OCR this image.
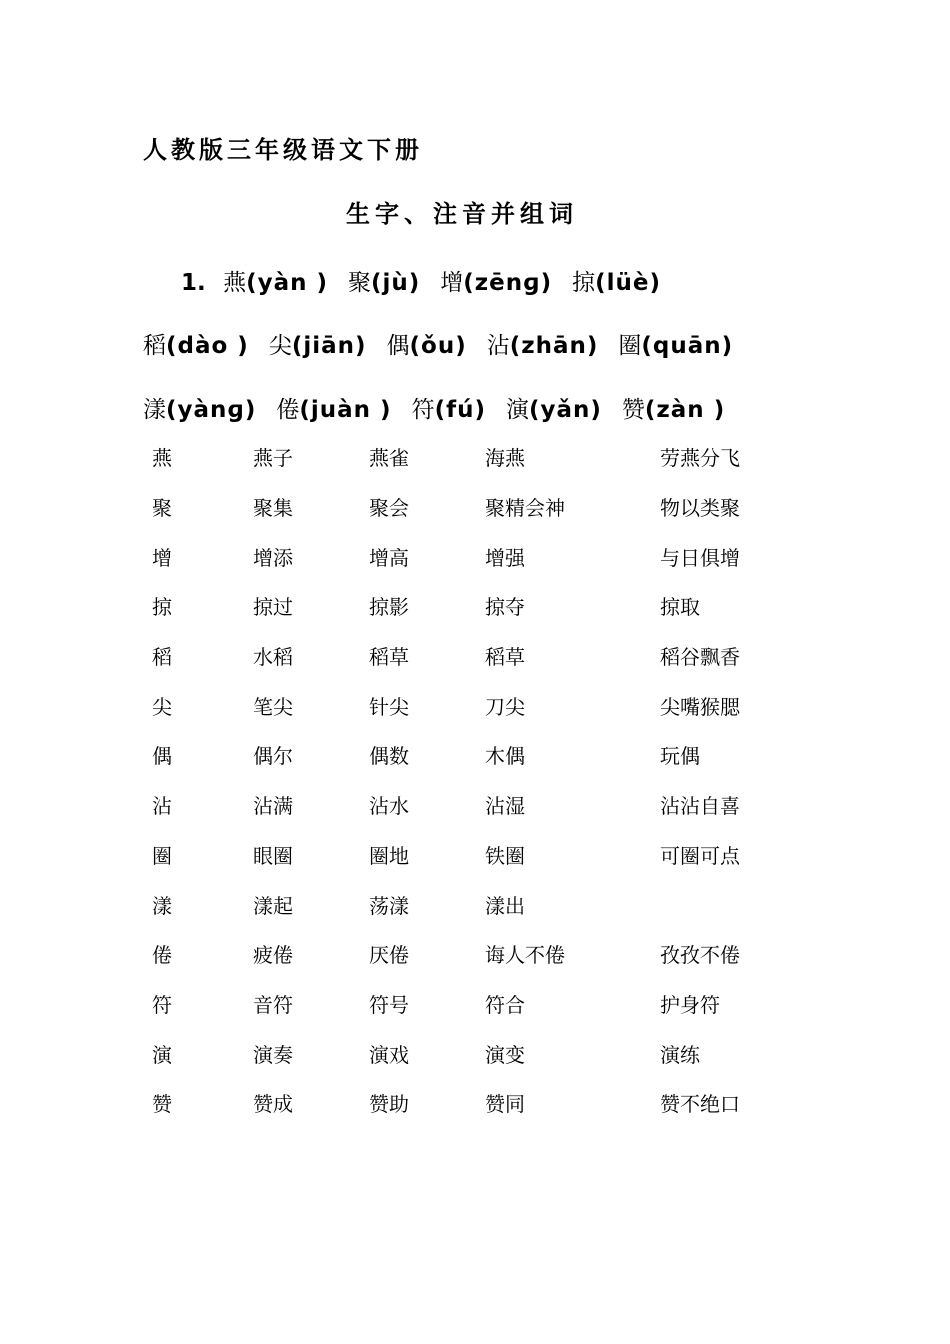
人教版三年级语文下册
生字、注音并组词
1. 燕(yàn ) 聚(jù) 增(zēnɡ) 掠(lüè)
稻(dào ) 尖(jiān) 偶(ǒu) 沾(zhān) 圈(quān)
漾(yànɡ) 倦(juàn ) 符(fú) 演(yǎn) 赞(zàn )
燕	燕子	燕雀	海燕	劳燕分飞
聚	聚集	聚会	聚精会神	物以类聚
增	增添	增高	增强	与日俱增
掠	掠过	掠影	掠夺	掠取
稻	水稻	稻草	稻草	稻谷飘香
尖	笔尖	针尖	刀尖	尖嘴猴腮
偶	偶尔	偶数	木偶	玩偶
沾	沾满	沾水	沾湿	沾沾自喜
圈	眼圈	圈地	铁圈	可圈可点
漾	漾起	荡漾	漾出	
倦	疲倦	厌倦	诲人不倦	孜孜不倦
符	音符	符号	符合	护身符
演	演奏	演戏	演变	演练
赞	赞成	赞助	赞同	赞不绝口
